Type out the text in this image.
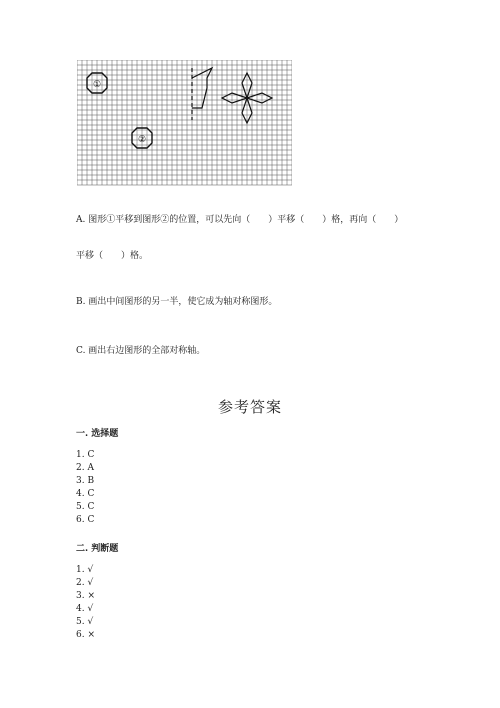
①
②
A. 图形①平移到图形②的位置，可以先向（　　）平移（　　）格，再向（　　）
平移（　　）格。
B. 画出中间图形的另一半，使它成为轴对称图形。
C. 画出右边图形的全部对称轴。
参考答案
一. 选择题
1. C
2. A
3. B
4. C
5. C
6. C
二. 判断题
1. √
2. √
3. ×
4. √
5. √
6. ×
